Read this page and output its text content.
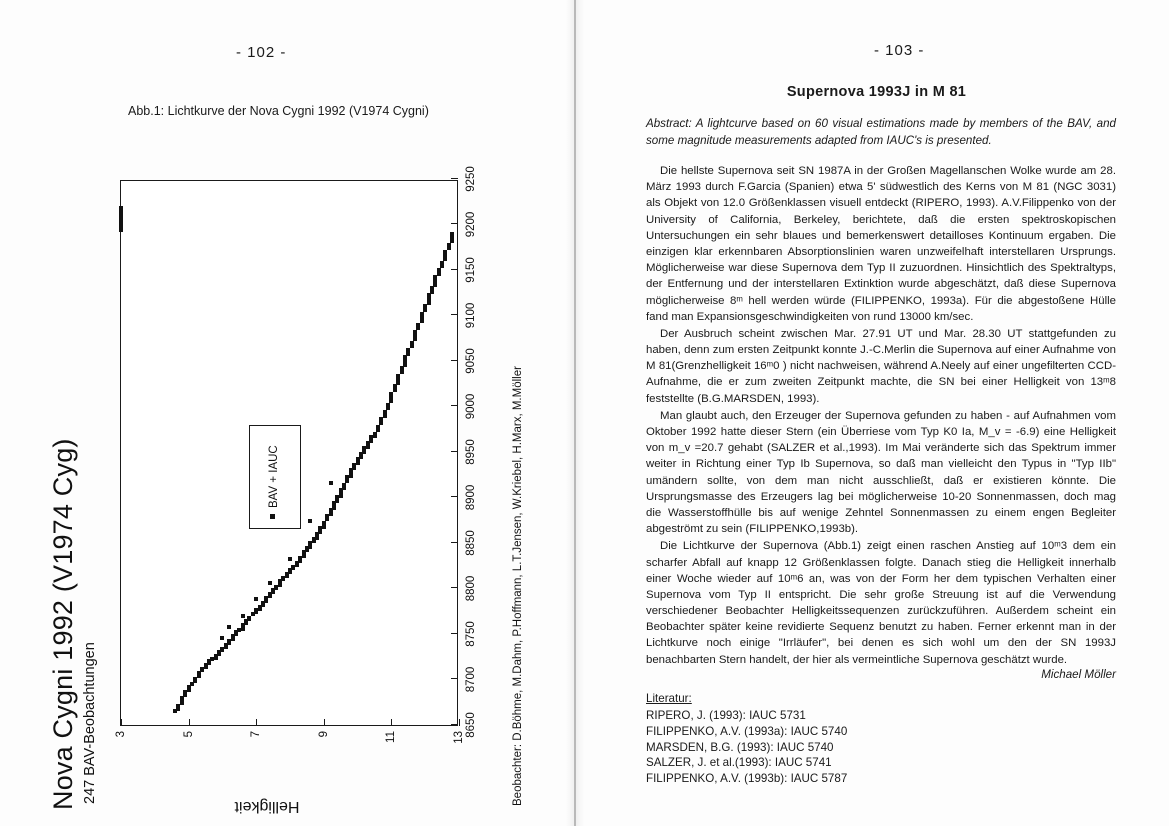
- 102 -
Abb.1: Lichtkurve der Nova Cygni 1992 (V1974 Cygni)
Nova Cygni 1992 (V1974 Cyg) 247 BAV-Beobachtungen	Beobachter: D.Böhme, M.Dahm, P.Hoffmann, L.T.Jensen, W.Kriebel, H.Marx, M.Möller
Helligkeit
BAV + IAUC
8650
8700
8750
8800
8850
8900
8950
9000
9050
9100
9150
9200
9250
3	5	7	9	11	13
- 103 -
Supernova 1993J in M 81
Abstract: A lightcurve based on 60 visual estimations made by members of the BAV, and some magnitude measurements adapted from IAUC's is presented.

Die hellste Supernova seit SN 1987A in der Großen Magellanschen Wolke wurde am 28. März 1993 durch F.Garcia (Spanien) etwa 5' südwestlich des Kerns von M 81 (NGC 3031) als Objekt von 12.0 Größenklassen visuell entdeckt (RIPERO, 1993). A.V.Filippenko von der University of California, Berkeley, berichtete, daß die ersten spektroskopischen Untersuchungen ein sehr blaues und bemerkenswert detailloses Kontinuum ergaben. Die einzigen klar erkennbaren Absorptionslinien waren unzweifelhaft interstellaren Ursprungs. Möglicherweise war diese Supernova dem Typ II zuzuordnen. Hinsichtlich des Spektraltyps, der Entfernung und der interstellaren Extinktion wurde abgeschätzt, daß diese Supernova möglicherweise 8ᵐ hell werden würde (FILIPPENKO, 1993a). Für die abgestoßene Hülle fand man Expansionsgeschwindigkeiten von rund 13000 km/sec.

Der Ausbruch scheint zwischen Mar. 27.91 UT und Mar. 28.30 UT stattgefunden zu haben, denn zum ersten Zeitpunkt konnte J.-C.Merlin die Supernova auf einer Aufnahme von M 81(Grenzhelligkeit 16ᵐ0 ) nicht nachweisen, während A.Neely auf einer ungefilterten CCD-Aufnahme, die er zum zweiten Zeitpunkt machte, die SN bei einer Helligkeit von 13ᵐ8 feststellte (B.G.MARSDEN, 1993).

Man glaubt auch, den Erzeuger der Supernova gefunden zu haben - auf Aufnahmen vom Oktober 1992 hatte dieser Stern (ein Überriese vom Typ K0 Ia, M_v = -6.9) eine Helligkeit von m_v =20.7 gehabt (SALZER et al.,1993). Im Mai veränderte sich das Spektrum immer weiter in Richtung einer Typ Ib Supernova, so daß man vielleicht den Typus in "Typ IIb" umändern sollte, von dem man nicht ausschließt, daß er existieren könnte. Die Ursprungsmasse des Erzeugers lag bei möglicherweise 10-20 Sonnenmassen, doch mag die Wasserstoffhülle bis auf wenige Zehntel Sonnenmassen zu einem engen Begleiter abgeströmt zu sein (FILIPPENKO,1993b).

Die Lichtkurve der Supernova (Abb.1) zeigt einen raschen Anstieg auf 10ᵐ3 dem ein scharfer Abfall auf knapp 12 Größenklassen folgte. Danach stieg die Helligkeit innerhalb einer Woche wieder auf 10ᵐ6 an, was von der Form her dem typischen Verhalten einer Supernova vom Typ II entspricht. Die sehr große Streuung ist auf die Verwendung verschiedener Beobachter Helligkeitssequenzen zurückzuführen. Außerdem scheint ein Beobachter später keine revidierte Sequenz benutzt zu haben. Ferner erkennt man in der Lichtkurve noch einige "Irrläufer", bei denen es sich wohl um den der SN 1993J benachbarten Stern handelt, der hier als vermeintliche Supernova geschätzt wurde.

Michael Möller
Literatur:
RIPERO, J. (1993): IAUC 5731
FILIPPENKO, A.V. (1993a): IAUC 5740
MARSDEN, B.G. (1993): IAUC 5740
SALZER, J. et al.(1993): IAUC 5741
FILIPPENKO, A.V. (1993b): IAUC 5787
